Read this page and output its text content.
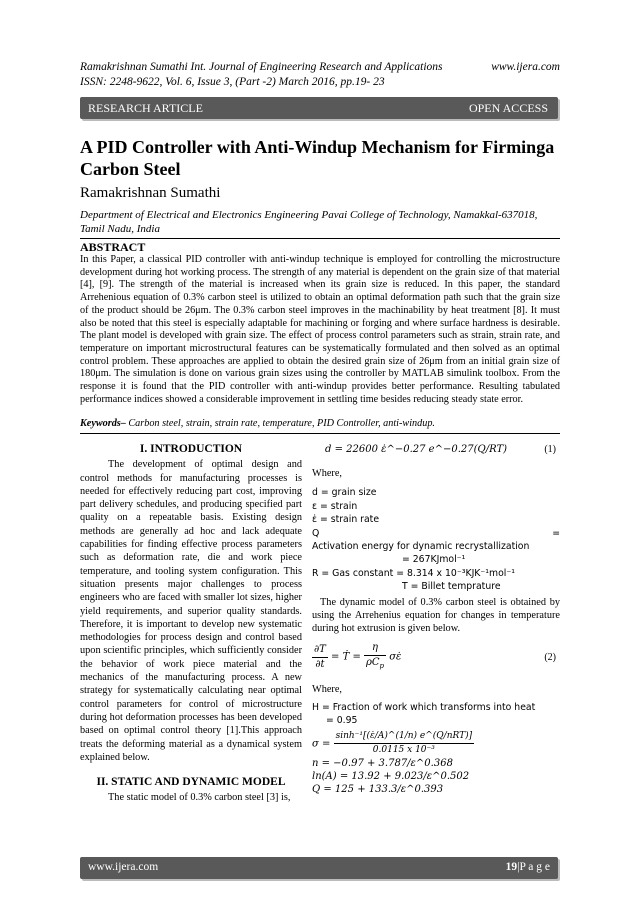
Ramakrishnan Sumathi Int. Journal of Engineering Research and Applications	www.ijera.com
ISSN: 2248-9622, Vol. 6, Issue 3, (Part -2) March 2016, pp.19- 23
RESEARCH ARTICLE	OPEN ACCESS
A PID Controller with Anti-Windup Mechanism for Firminga Carbon Steel
Ramakrishnan Sumathi
Department of Electrical and Electronics Engineering Pavai College of Technology, Namakkal-637018, Tamil Nadu, India
ABSTRACT
In this Paper, a classical PID controller with anti-windup technique is employed for controlling the microstructure development during hot working process. The strength of any material is dependent on the grain size of that material [4], [9]. The strength of the material is increased when its grain size is reduced. In this paper, the standard Arrehenious equation of 0.3% carbon steel is utilized to obtain an optimal deformation path such that the grain size of the product should be 26μm. The 0.3% carbon steel improves in the machinability by heat treatment [8]. It must also be noted that this steel is especially adaptable for machining or forging and where surface hardness is desirable. The plant model is developed with grain size. The effect of process control parameters such as strain, strain rate, and temperature on important microstructural features can be systematically formulated and then solved as an optimal control problem. These approaches are applied to obtain the desired grain size of 26μm from an initial grain size of 180μm. The simulation is done on various grain sizes using the controller by MATLAB simulink toolbox. From the response it is found that the PID controller with anti-windup provides better performance. Resulting tabulated performance indices showed a considerable improvement in settling time besides reducing steady state error.
Keywords– Carbon steel, strain, strain rate, temperature, PID Controller, anti-windup.
I. INTRODUCTION

The development of optimal design and control methods for manufacturing processes is needed for effectively reducing part cost, improving part delivery schedules, and producing specified part quality on a repeatable basis. Existing design methods are generally ad hoc and lack adequate capabilities for finding effective process parameters such as deformation rate, die and work piece temperature, and tooling system configuration. This situation presents major challenges to process engineers who are faced with smaller lot sizes, higher yield requirements, and superior quality standards. Therefore, it is important to develop new systematic methodologies for process design and control based upon scientific principles, which sufficiently consider the behavior of work piece material and the mechanics of the manufacturing process. A new strategy for systematically calculating near optimal control parameters for control of microstructure during hot deformation processes has been developed based on optimal control theory [1].This approach treats the deforming material as a dynamical system explained below.

II. STATIC AND DYNAMIC MODEL

The static model of 0.3% carbon steel [3] is,

d = 22600 ε̇^−0.27 e^−0.27(Q/RT)	(1)
Where,
d = grain size
ε = strain
ε̇ = strain rate
Q	=
Activation energy for dynamic recrystallization
= 267KJmol⁻¹
R = Gas constant = 8.314 x 10⁻³KJK⁻¹mol⁻¹
T = Billet temprature
The dynamic model of 0.3% carbon steel is obtained by using the Arrehenius equation for changes in temperature during hot extrusion is given below.
$\frac{\partial T}{\partial t}$ = Ṫ = $\frac{\eta}{\rho C_p}$ σε̇	(2)
Where,
H = Fraction of work which transforms into heat
= 0.95
$\sigma = \frac{\text{sinh⁻¹[(ε̇/A)\textasciicircum{}(1/n) e\textasciicircum{}(Q/nRT)]}}{\text{0.0115 x 10⁻³}}$
n = −0.97 + 3.787/ε^0.368
ln(A) = 13.92 + 9.023/ε^0.502
Q = 125 + 133.3/ε^0.393
www.ijera.com	19|P a g e
